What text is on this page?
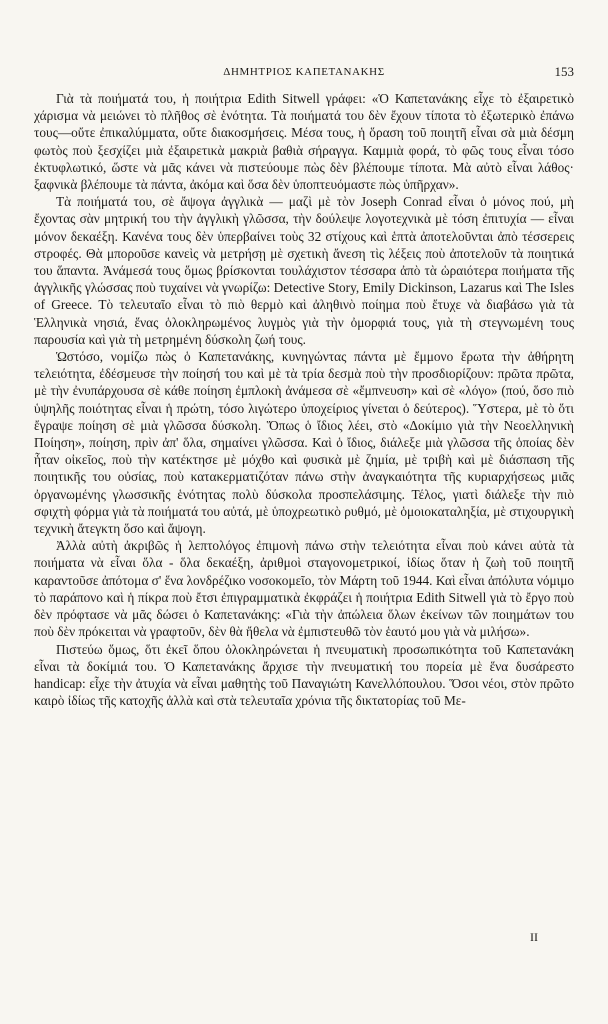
ΔΗΜΗΤΡΙΟΣ ΚΑΠΕΤΑΝΑΚΗΣ	153

Γιὰ τὰ ποιήματά του, ἡ ποιήτρια Edith Sitwell γράφει: «Ὁ Καπετανάκης εἶχε τὸ ἐξαιρετικὸ χάρισμα νὰ μειώνει τὸ πλῆθος σὲ ἑνότητα. Τὰ ποιήματά του δὲν ἔχουν τίποτα τὸ ἐξωτερικὸ ἐπάνω τους—οὔτε ἐπικαλύμματα, οὔτε διακοσμήσεις. Μέσα τους, ἡ ὅραση τοῦ ποιητῆ εἶναι σὰ μιὰ δέσμη φωτὸς ποὺ ξεσχίζει μιὰ ἐξαιρετικὰ μακριὰ βαθιὰ σήραγγα. Καμμιὰ φορά, τὸ φῶς τους εἶναι τόσο ἐκτυφλωτικό, ὥστε νὰ μᾶς κάνει νὰ πιστεύουμε πὼς δὲν βλέπουμε τίποτα. Μὰ αὐτὸ εἶναι λάθος· ξαφνικὰ βλέπουμε τὰ πάντα, ἀκόμα καὶ ὅσα δὲν ὑποπτευόμαστε πὼς ὑπῆρχαν».

Τὰ ποιήματά του, σὲ ἄψογα ἀγγλικὰ — μαζὶ μὲ τὸν Joseph Conrad εἶναι ὁ μόνος πού, μὴ ἔχοντας σὰν μητρική του τὴν ἀγγλικὴ γλῶσσα, τὴν δούλεψε λογοτεχνικὰ μὲ τόση ἐπιτυχία — εἶναι μόνον δεκαέξη. Κανένα τους δὲν ὑπερβαίνει τοὺς 32 στίχους καὶ ἑπτὰ ἀποτελοῦνται ἀπὸ τέσσερεις στροφές. Θὰ μποροῦσε κανεὶς νὰ μετρήσῃ μὲ σχετικὴ ἄνεση τὶς λέξεις ποὺ ἀποτελοῦν τὰ ποιητικά του ἅπαντα. Ἀνάμεσά τους ὅμως βρίσκονται τουλάχιστον τέσσαρα ἀπὸ τὰ ὡραιότερα ποιήματα τῆς ἀγγλικῆς γλώσσας ποὺ τυχαίνει νὰ γνωρίζω: Detective Story, Emily Dickinson, Lazarus καὶ The Isles of Greece. Τὸ τελευταῖο εἶναι τὸ πιὸ θερμὸ καὶ ἀληθινὸ ποίημα ποὺ ἔτυχε νὰ διαβάσω γιὰ τὰ Ἑλληνικὰ νησιά, ἕνας ὁλοκληρωμένος λυγμὸς γιὰ τὴν ὀμορφιά τους, γιὰ τὴ στεγνωμένη τους παρουσία καὶ γιὰ τὴ μετρημένη δύσκολη ζωή τους.

Ὡστόσο, νομίζω πὼς ὁ Καπετανάκης, κυνηγώντας πάντα μὲ ἔμμονο ἔρωτα τὴν ἀθήρητη τελειότητα, ἐδέσμευσε τὴν ποίησή του καὶ μὲ τὰ τρία δεσμὰ ποὺ τὴν προσδιορίζουν: πρῶτα πρῶτα, μὲ τὴν ἐνυπάρχουσα σὲ κάθε ποίηση ἐμπλοκὴ ἀνάμεσα σὲ «ἔμπνευση» καὶ σὲ «λόγο» (πού, ὅσο πιὸ ὑψηλῆς ποιότητας εἶναι ἡ πρώτη, τόσο λιγώτερο ὑποχείριος γίνεται ὁ δεύτερος). Ὕστερα, μὲ τὸ ὅτι ἔγραψε ποίηση σὲ μιὰ γλῶσσα δύσκολη. Ὅπως ὁ ἴδιος λέει, στὸ «Δοκίμιο γιὰ τὴν Νεοελληνικὴ Ποίηση», ποίηση, πρὶν ἀπ' ὅλα, σημαίνει γλῶσσα. Καὶ ὁ ἴδιος, διάλεξε μιὰ γλῶσσα τῆς ὁποίας δὲν ἦταν οἰκεῖος, ποὺ τὴν κατέκτησε μὲ μόχθο καὶ φυσικὰ μὲ ζημία, μὲ τριβὴ καὶ μὲ διάσπαση τῆς ποιητικῆς του οὐσίας, ποὺ κατακερματιζόταν πάνω στὴν ἀναγκαιότητα τῆς κυριαρχήσεως μιᾶς ὀργανωμένης γλωσσικῆς ἑνότητας πολὺ δύσκολα προσπελάσιμης. Τέλος, γιατὶ διάλεξε τὴν πιὸ σφιχτὴ φόρμα γιὰ τὰ ποιήματά του αὐτά, μὲ ὑποχρεωτικὸ ρυθμό, μὲ ὁμοιοκαταληξία, μὲ στιχουργικὴ τεχνικὴ ἄτεγκτη ὅσο καὶ ἄψογη.

Ἀλλὰ αὐτὴ ἀκριβῶς ἡ λεπτολόγος ἐπιμονὴ πάνω στὴν τελειότητα εἶναι ποὺ κάνει αὐτὰ τὰ ποιήματα νὰ εἶναι ὅλα - ὅλα δεκαέξη, ἀριθμοὶ σταγονομετρικοί, ἰδίως ὅταν ἡ ζωὴ τοῦ ποιητῆ καραντοῦσε ἀπότομα σ' ἕνα λονδρέζικο νοσοκομεῖο, τὸν Μάρτη τοῦ 1944. Καὶ εἶναι ἀπόλυτα νόμιμο τὸ παράπονο καὶ ἡ πίκρα ποὺ ἔτσι ἐπιγραμματικὰ ἐκφράζει ἡ ποιήτρια Edith Sitwell γιὰ τὸ ἔργο ποὺ δὲν πρόφτασε νὰ μᾶς δώσει ὁ Καπετανάκης: «Γιὰ τὴν ἀπώλεια ὅλων ἐκείνων τῶν ποιημάτων του ποὺ δὲν πρόκειται νὰ γραφτοῦν, δὲν θὰ ἤθελα νὰ ἐμπιστευθῶ τὸν ἑαυτό μου γιὰ νὰ μιλήσω».

Πιστεύω ὅμως, ὅτι ἐκεῖ ὅπου ὁλοκληρώνεται ἡ πνευματικὴ προσωπικότητα τοῦ Καπετανάκη εἶναι τὰ δοκίμιά του. Ὁ Καπετανάκης ἄρχισε τὴν πνευματική του πορεία μὲ ἕνα δυσάρεστο handicap: εἶχε τὴν ἀτυχία νὰ εἶναι μαθητὴς τοῦ Παναγιώτη Κανελλόπουλου. Ὅσοι νέοι, στὸν πρῶτο καιρὸ ἰδίως τῆς κατοχῆς ἀλλὰ καὶ στὰ τελευταῖα χρόνια τῆς δικτατορίας τοῦ Με-

II
